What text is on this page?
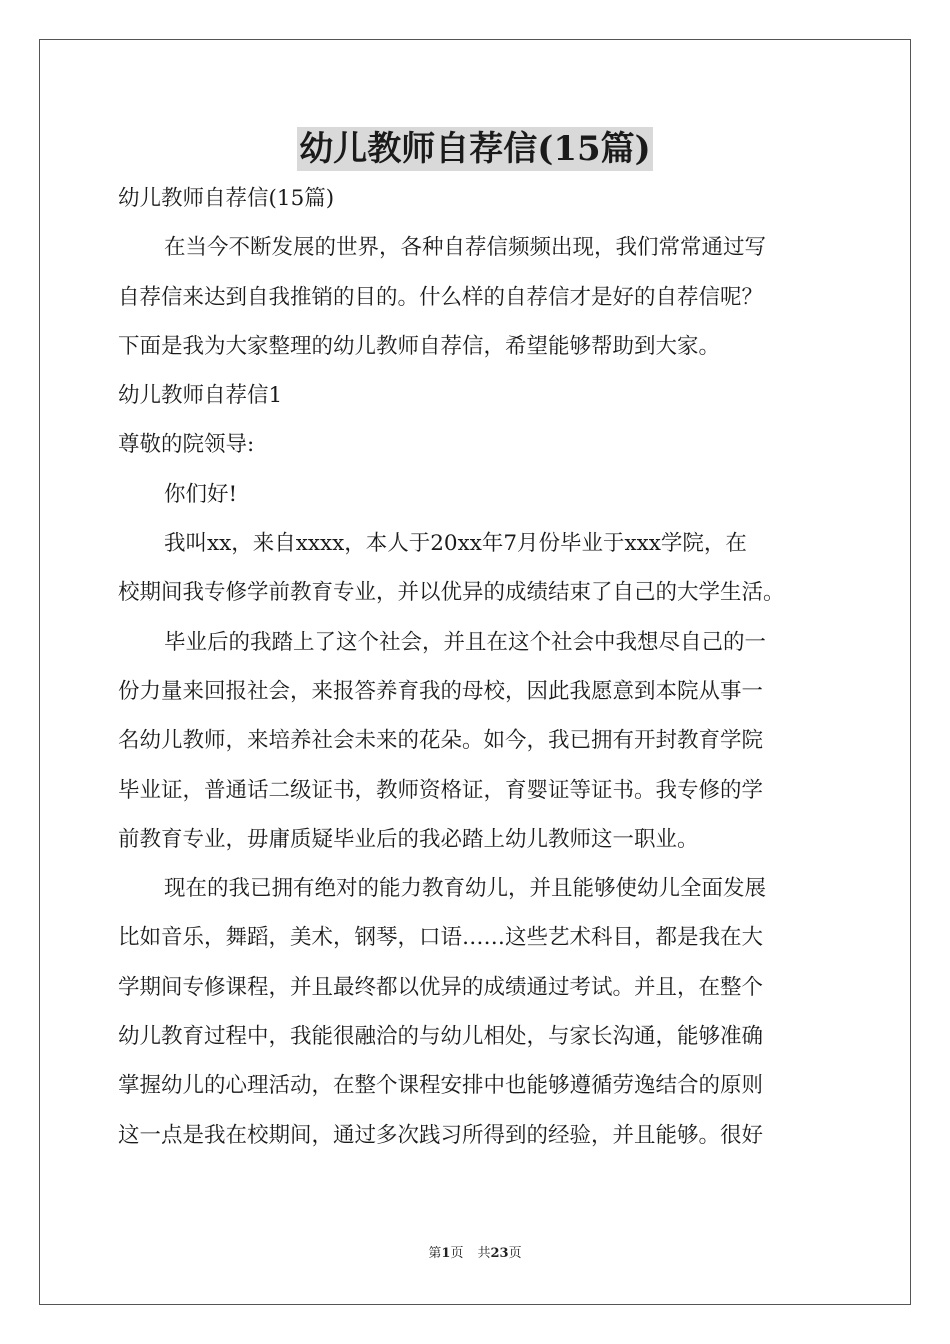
幼儿教师自荐信(15篇)
幼儿教师自荐信(15篇)
在当今不断发展的世界，各种自荐信频频出现，我们常常通过写
自荐信来达到自我推销的目的。什么样的自荐信才是好的自荐信呢？
下面是我为大家整理的幼儿教师自荐信，希望能够帮助到大家。
幼儿教师自荐信1
尊敬的院领导:
你们好!
我叫xx，来自xxxx，本人于20xx年7月份毕业于xxx学院，在
校期间我专修学前教育专业，并以优异的成绩结束了自己的大学生活。
毕业后的我踏上了这个社会，并且在这个社会中我想尽自己的一
份力量来回报社会，来报答养育我的母校，因此我愿意到本院从事一
名幼儿教师，来培养社会未来的花朵。如今，我已拥有开封教育学院
毕业证，普通话二级证书，教师资格证，育婴证等证书。我专修的学
前教育专业，毋庸质疑毕业后的我必踏上幼儿教师这一职业。
现在的我已拥有绝对的能力教育幼儿，并且能够使幼儿全面发展
比如音乐，舞蹈，美术，钢琴，口语……这些艺术科目，都是我在大
学期间专修课程，并且最终都以优异的成绩通过考试。并且，在整个
幼儿教育过程中，我能很融洽的与幼儿相处，与家长沟通，能够准确
掌握幼儿的心理活动，在整个课程安排中也能够遵循劳逸结合的原则
这一点是我在校期间，通过多次践习所得到的经验，并且能够。很好
第1页 共23页
